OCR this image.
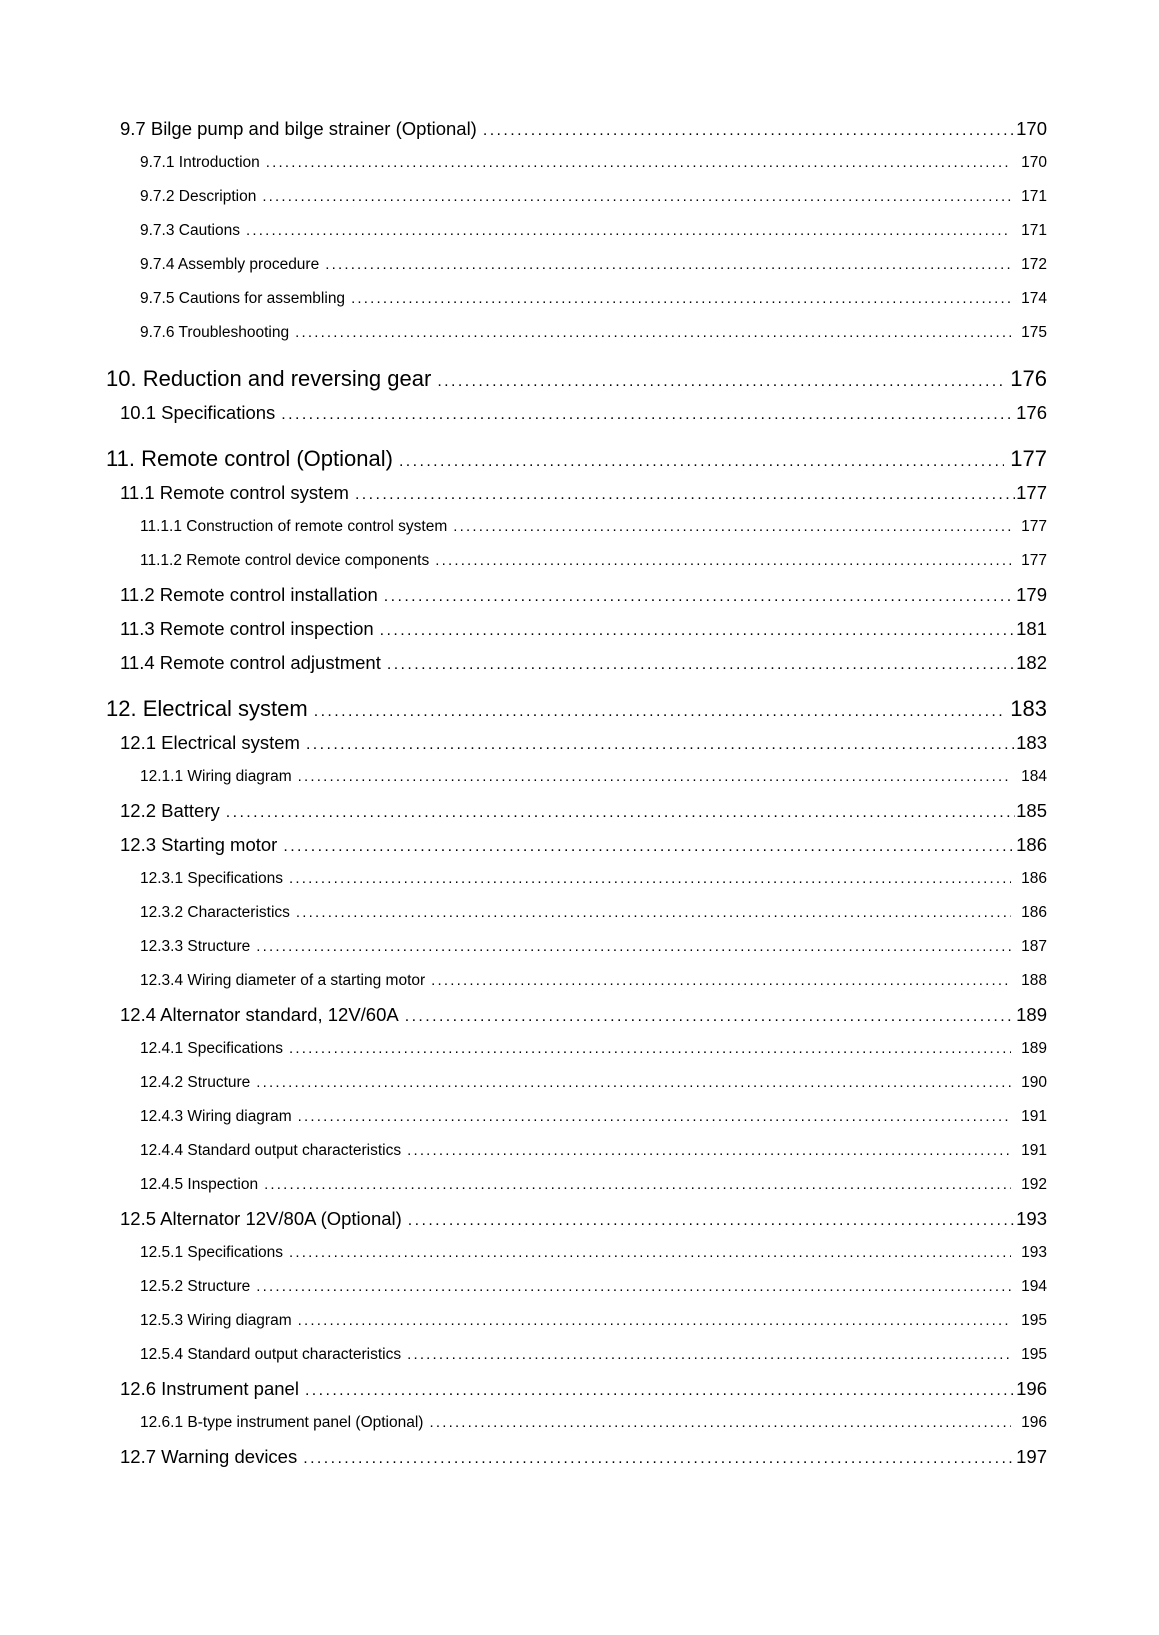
9.7 Bilge pump and bilge strainer (Optional) .....	170
9.7.1 Introduction .....	170
9.7.2 Description .....	171
9.7.3 Cautions .....	171
9.7.4 Assembly procedure .....	172
9.7.5 Cautions for assembling .....	174
9.7.6 Troubleshooting .....	175
10. Reduction and reversing gear .....	176
10.1 Specifications .....	176
11. Remote control (Optional) .....	177
11.1 Remote control system .....	177
11.1.1 Construction of remote control system .....	177
11.1.2 Remote control device components .....	177
11.2 Remote control installation .....	179
11.3 Remote control inspection .....	181
11.4 Remote control adjustment .....	182
12. Electrical system .....	183
12.1 Electrical system .....	183
12.1.1 Wiring diagram .....	184
12.2 Battery .....	185
12.3 Starting motor .....	186
12.3.1 Specifications .....	186
12.3.2 Characteristics .....	186
12.3.3 Structure .....	187
12.3.4 Wiring diameter of a starting motor .....	188
12.4 Alternator standard, 12V/60A .....	189
12.4.1 Specifications .....	189
12.4.2 Structure .....	190
12.4.3 Wiring diagram .....	191
12.4.4 Standard output characteristics .....	191
12.4.5 Inspection .....	192
12.5 Alternator 12V/80A (Optional) .....	193
12.5.1 Specifications .....	193
12.5.2 Structure .....	194
12.5.3 Wiring diagram .....	195
12.5.4 Standard output characteristics .....	195
12.6 Instrument panel .....	196
12.6.1 B-type instrument panel (Optional) .....	196
12.7 Warning devices .....	197
